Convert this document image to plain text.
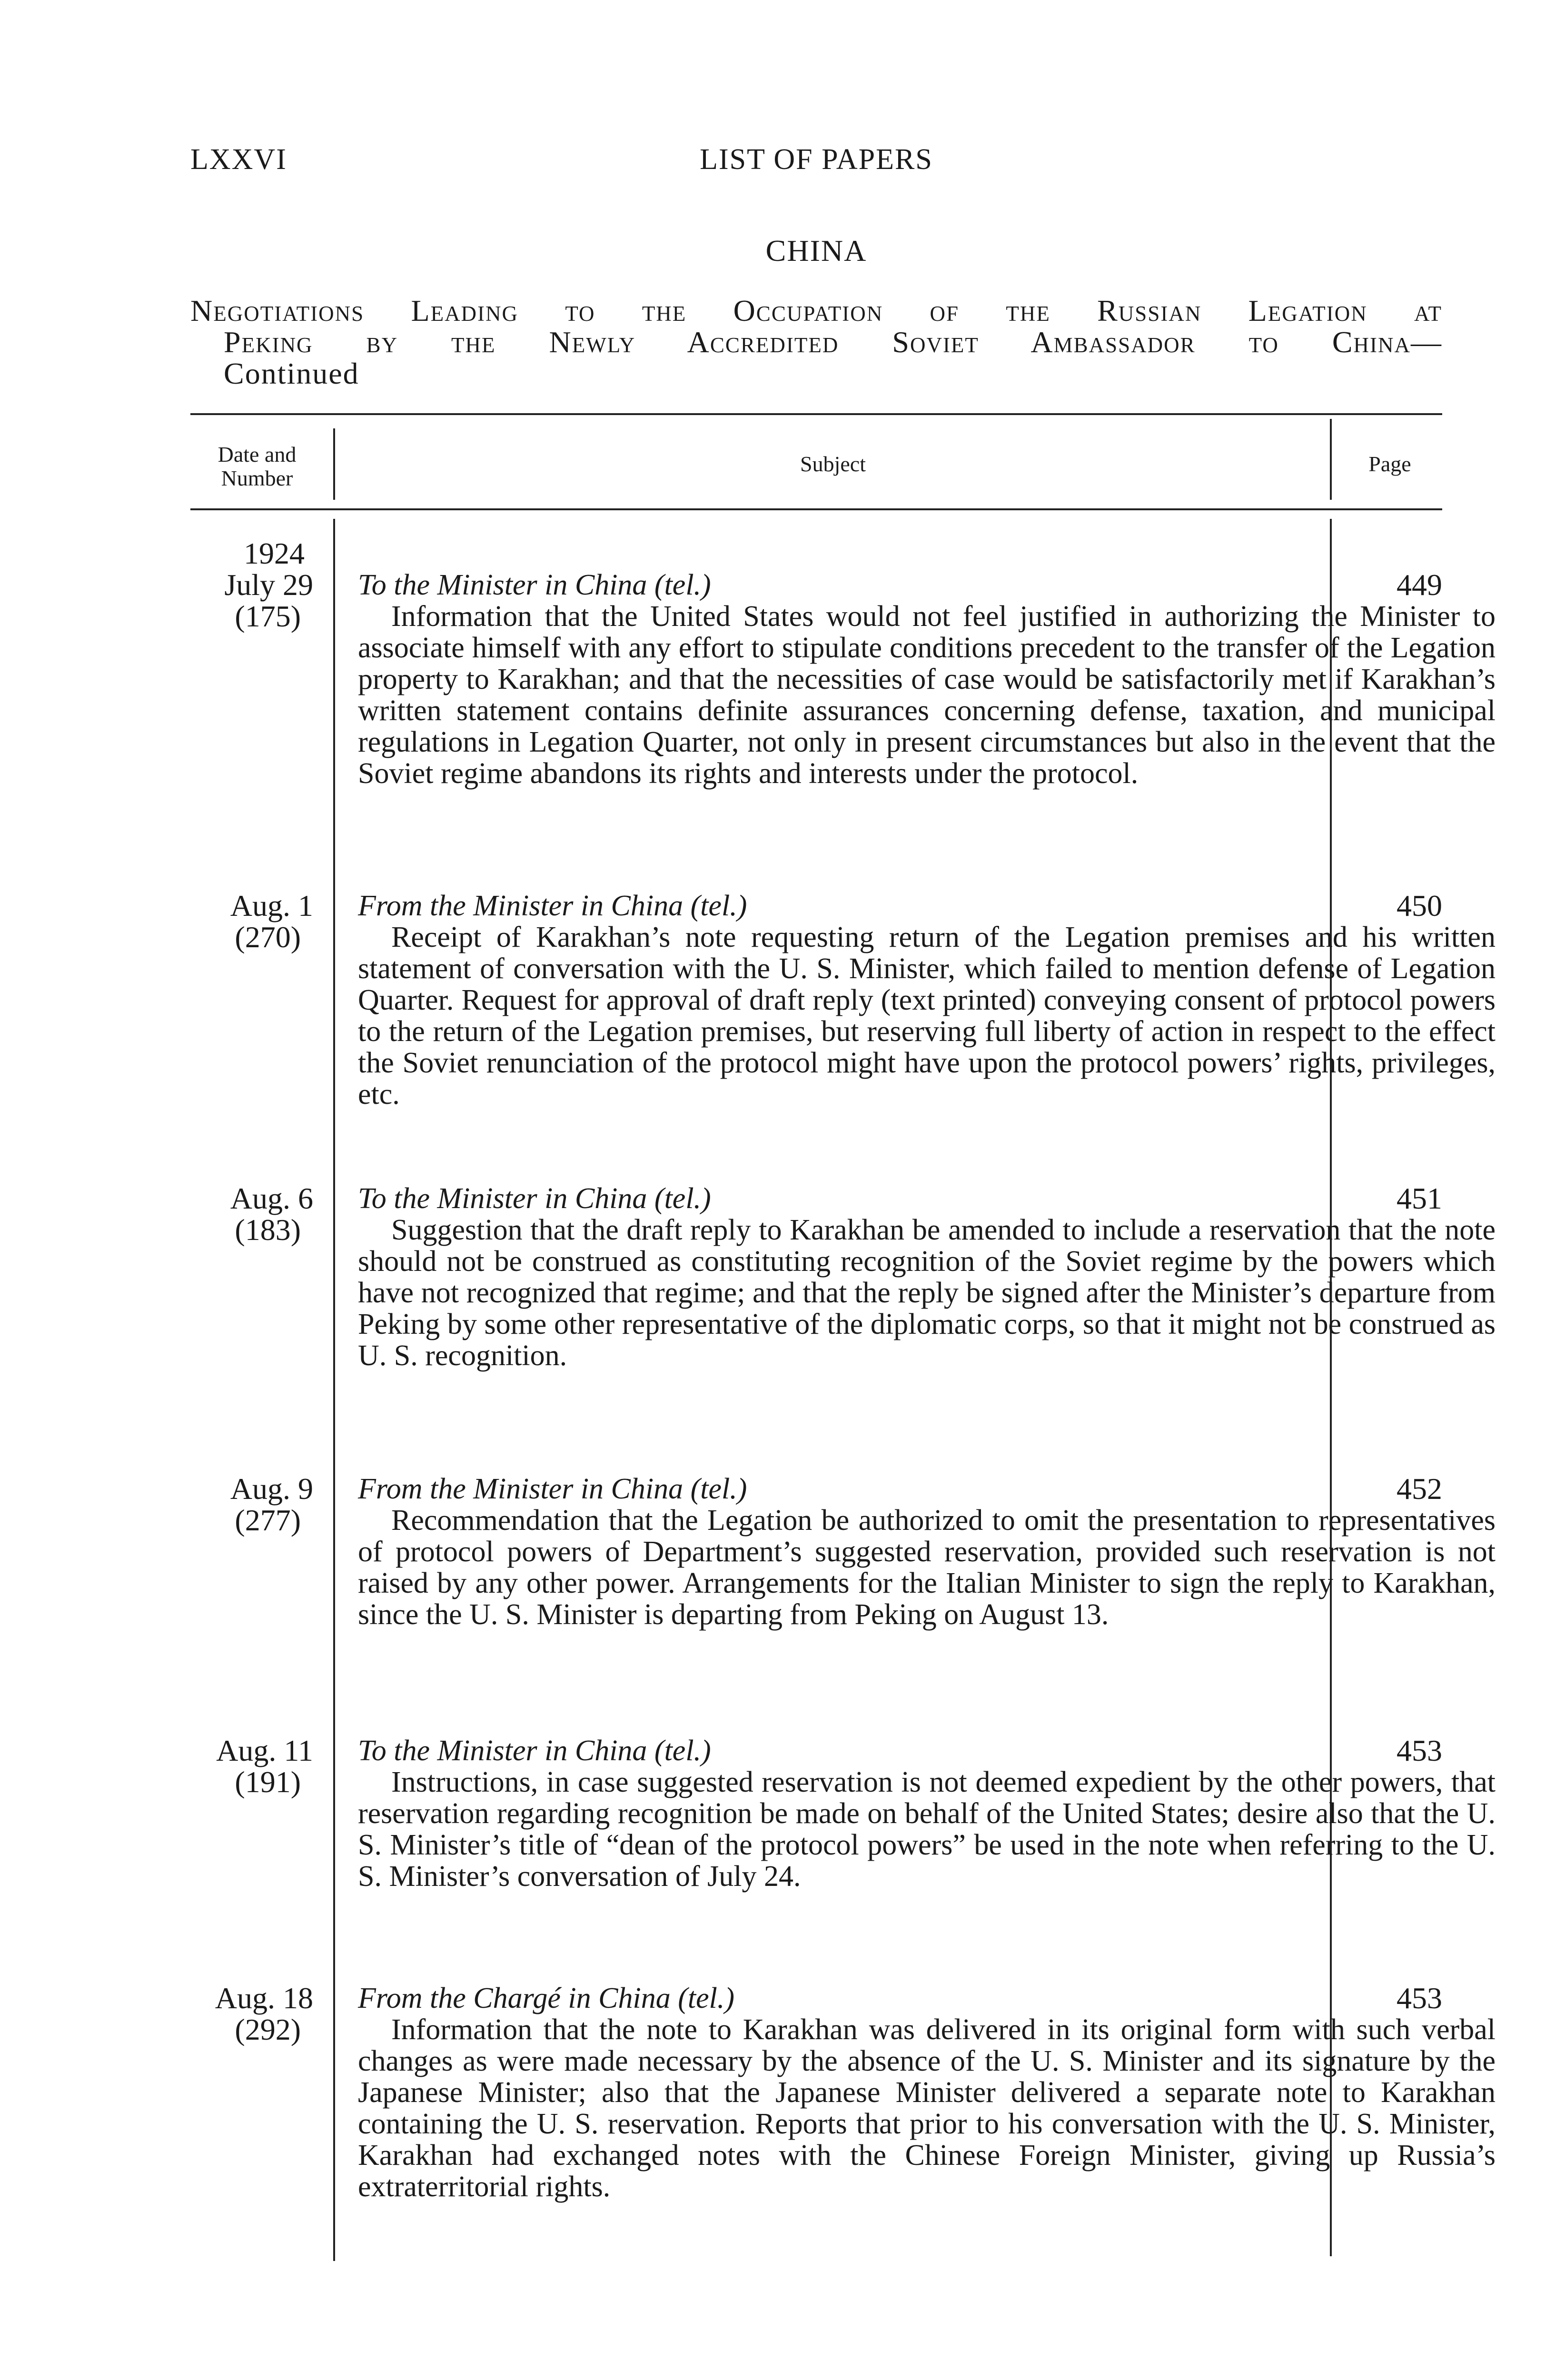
LXXVI	LIST OF PAPERS
CHINA
Negotiations Leading to the Occupation of the Russian Legation at
Peking by the Newly Accredited Soviet Ambassador to China—
Continued
Date and Number
Subject	Page
1924
July 29
(175)
To the Minister in China (tel.)
Information that the United States would not feel justified in authorizing the Minister to associate himself with any effort to stipulate conditions precedent to the transfer of the Legation property to Karakhan; and that the necessities of case would be satisfactorily met if Karakhan’s written statement contains definite assurances concerning defense, taxation, and municipal regulations in Legation Quarter, not only in present circumstances but also in the event that the Soviet regime abandons its rights and interests under the protocol.
449
Aug. 1
(270)
From the Minister in China (tel.)
Receipt of Karakhan’s note requesting return of the Legation premises and his written statement of conversation with the U. S. Minister, which failed to mention defense of Legation Quarter. Request for approval of draft reply (text printed) conveying consent of protocol powers to the return of the Legation premises, but reserving full liberty of action in respect to the effect the Soviet renunciation of the protocol might have upon the protocol powers’ rights, privileges, etc.
450
Aug. 6
(183)
To the Minister in China (tel.)
Suggestion that the draft reply to Karakhan be amended to include a reservation that the note should not be construed as constituting recognition of the Soviet regime by the powers which have not recognized that regime; and that the reply be signed after the Minister’s departure from Peking by some other representative of the diplomatic corps, so that it might not be construed as U. S. recognition.
451
Aug. 9
(277)
From the Minister in China (tel.)
Recommendation that the Legation be authorized to omit the presentation to representatives of protocol powers of Department’s suggested reservation, provided such reservation is not raised by any other power. Arrangements for the Italian Minister to sign the reply to Karakhan, since the U. S. Minister is departing from Peking on August 13.
452
Aug. 11
(191)
To the Minister in China (tel.)
Instructions, in case suggested reservation is not deemed expedient by the other powers, that reservation regarding recognition be made on behalf of the United States; desire also that the U. S. Minister’s title of “dean of the protocol powers” be used in the note when referring to the U. S. Minister’s conversation of July 24.
453
Aug. 18
(292)
From the Chargé in China (tel.)
Information that the note to Karakhan was delivered in its original form with such verbal changes as were made necessary by the absence of the U. S. Minister and its signature by the Japanese Minister; also that the Japanese Minister delivered a separate note to Karakhan containing the U. S. reservation. Reports that prior to his conversation with the U. S. Minister, Karakhan had exchanged notes with the Chinese Foreign Minister, giving up Russia’s extraterritorial rights.
453
